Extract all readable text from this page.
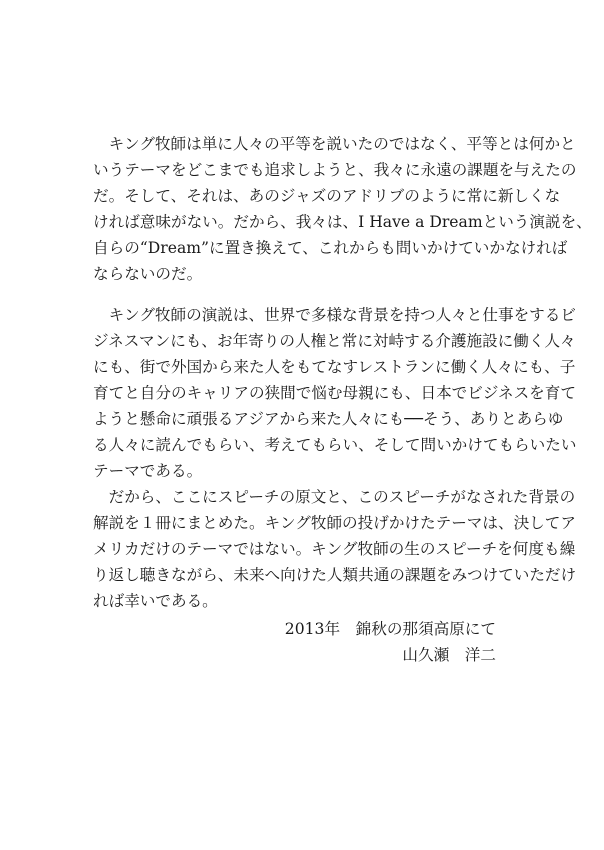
　キング牧師は単に人々の平等を説いたのではなく、平等とは何かと
いうテーマをどこまでも追求しようと、我々に永遠の課題を与えたの
だ。そして、それは、あのジャズのアドリブのように常に新しくな
ければ意味がない。だから、我々は、I Have a Dreamという演説を、
自らの“Dream”に置き換えて、これからも問いかけていかなければ
ならないのだ。
　キング牧師の演説は、世界で多様な背景を持つ人々と仕事をするビ
ジネスマンにも、お年寄りの人権と常に対峙する介護施設に働く人々
にも、街で外国から来た人をもてなすレストランに働く人々にも、子
育てと自分のキャリアの狭間で悩む母親にも、日本でビジネスを育て
ようと懸命に頑張るアジアから来た人々にも──そう、ありとあらゆ
る人々に読んでもらい、考えてもらい、そして問いかけてもらいたい
テーマである。
　だから、ここにスピーチの原文と、このスピーチがなされた背景の
解説を１冊にまとめた。キング牧師の投げかけたテーマは、決してア
メリカだけのテーマではない。キング牧師の生のスピーチを何度も繰
り返し聴きながら、未来へ向けた人類共通の課題をみつけていただけ
れば幸いである。
2013年　錦秋の那須高原にて
山久瀬　洋二
